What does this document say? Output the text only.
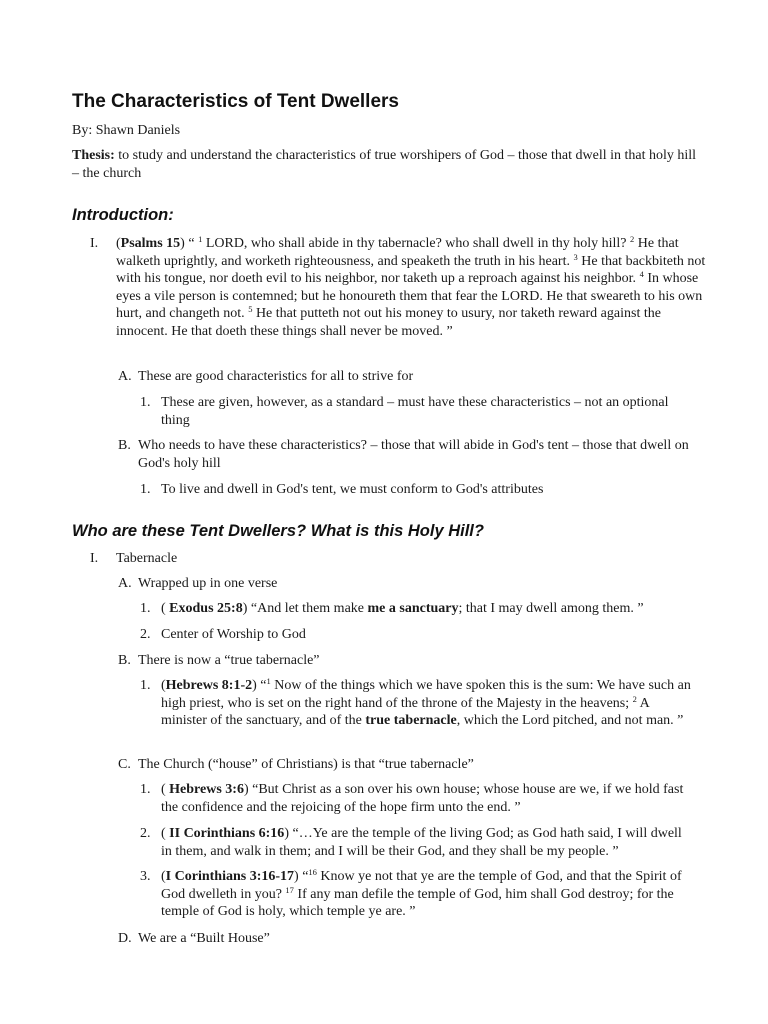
The Characteristics of Tent Dwellers

By: Shawn Daniels

Thesis: to study and understand the characteristics of true worshipers of God – those that dwell in that holy hill – the church

Introduction:
I. (Psalms 15) “ $^1$ LORD, who shall abide in thy tabernacle? who shall dwell in thy holy hill? $^2$ He that walketh uprightly, and worketh righteousness, and speaketh the truth in his heart. $^3$ He that backbiteth not with his tongue, nor doeth evil to his neighbor, nor taketh up a reproach against his neighbor. $^4$ In whose eyes a vile person is contemned; but he honoureth them that fear the LORD. He that sweareth to his own hurt, and changeth not. $^5$ He that putteth not out his money to usury, nor taketh reward against the innocent. He that doeth these things shall never be moved. ”
A. These are good characteristics for all to strive for
1. These are given, however, as a standard – must have these characteristics – not an optional thing
B. Who needs to have these characteristics? – those that will abide in God's tent – those that dwell on God's holy hill
1. To live and dwell in God's tent, we must conform to God's attributes
Who are these Tent Dwellers? What is this Holy Hill?
I. Tabernacle
A. Wrapped up in one verse
1. ( Exodus 25:8) “And let them make me a sanctuary; that I may dwell among them. ”
2. Center of Worship to God
B. There is now a “true tabernacle”
1. (Hebrews 8:1-2) “$^1$ Now of the things which we have spoken this is the sum: We have such an high priest, who is set on the right hand of the throne of the Majesty in the heavens; $^2$ A minister of the sanctuary, and of the true tabernacle, which the Lord pitched, and not man. ”
C. The Church (“house” of Christians) is that “true tabernacle”
1. ( Hebrews 3:6) “But Christ as a son over his own house; whose house are we, if we hold fast the confidence and the rejoicing of the hope firm unto the end. ”
2. ( II Corinthians 6:16) “…Ye are the temple of the living God; as God hath said, I will dwell in them, and walk in them; and I will be their God, and they shall be my people. ”
3. (I Corinthians 3:16-17) “$^{16}$ Know ye not that ye are the temple of God, and that the Spirit of God dwelleth in you? $^{17}$ If any man defile the temple of God, him shall God destroy; for the temple of God is holy, which temple ye are. ”
D. We are a “Built House”
